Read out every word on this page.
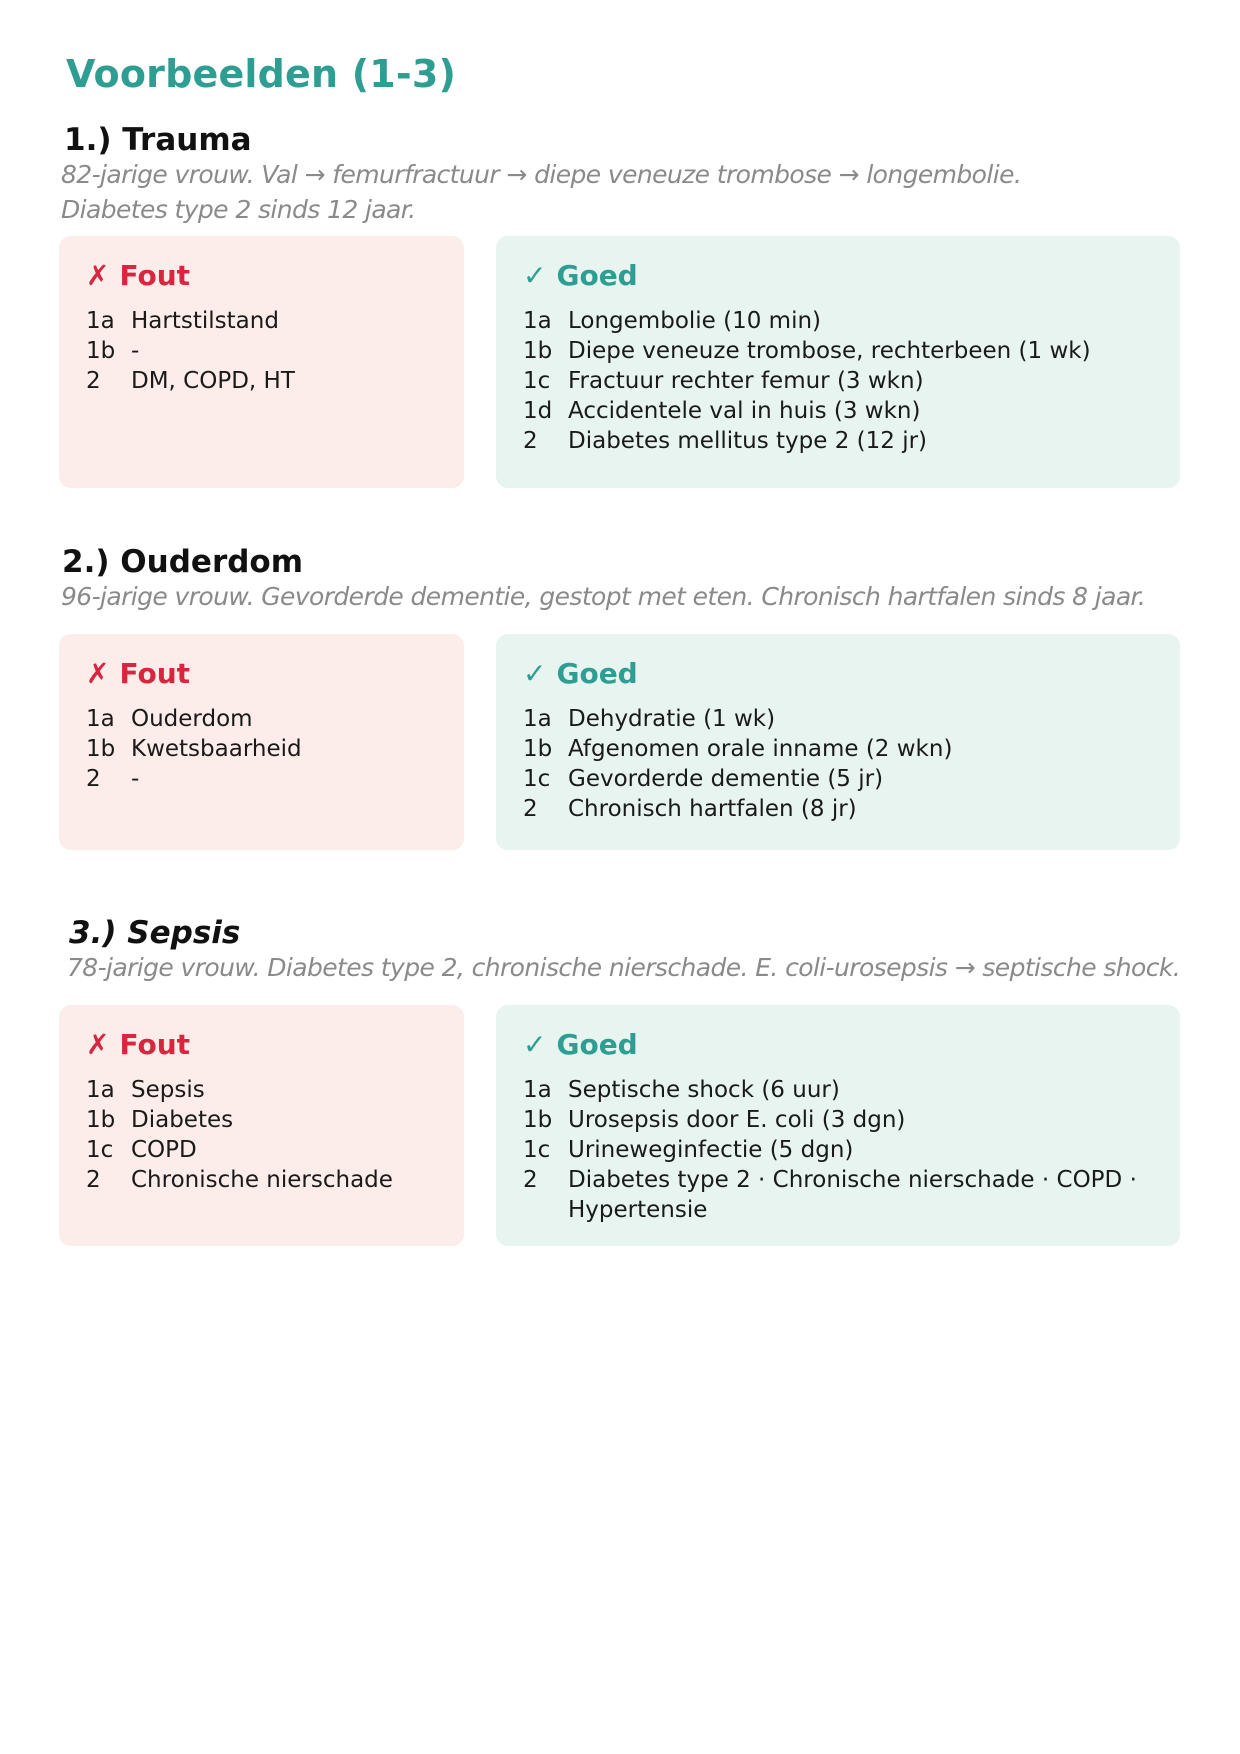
Voorbeelden (1-3)
1.) Trauma

82-jarige vrouw. Val → femurfractuur → diepe veneuze trombose → longembolie.
Diabetes type 2 sinds 12 jaar.

✗ Fout
1a Hartstilstand
1b -
2	DM, COPD, HT
✓ Goed
1a Longembolie (10 min)
1b Diepe veneuze trombose, rechterbeen (1 wk)
1c Fractuur rechter femur (3 wkn)
1d Accidentele val in huis (3 wkn)
2	Diabetes mellitus type 2 (12 jr)
2.) Ouderdom

96-jarige vrouw. Gevorderde dementie, gestopt met eten. Chronisch hartfalen sinds 8 jaar.

✗ Fout
1a Ouderdom
1b Kwetsbaarheid
2	-
✓ Goed
1a Dehydratie (1 wk)
1b Afgenomen orale inname (2 wkn)
1c Gevorderde dementie (5 jr)
2	Chronisch hartfalen (8 jr)
3.) Sepsis

78-jarige vrouw. Diabetes type 2, chronische nierschade. E. coli-urosepsis → septische shock.

✗ Fout
1a Sepsis
1b Diabetes
1c COPD
2	Chronische nierschade
✓ Goed
1a Septische shock (6 uur)
1b Urosepsis door E. coli (3 dgn)
1c Urineweginfectie (5 dgn)
2	Diabetes type 2 · Chronische nierschade · COPD · Hypertensie
